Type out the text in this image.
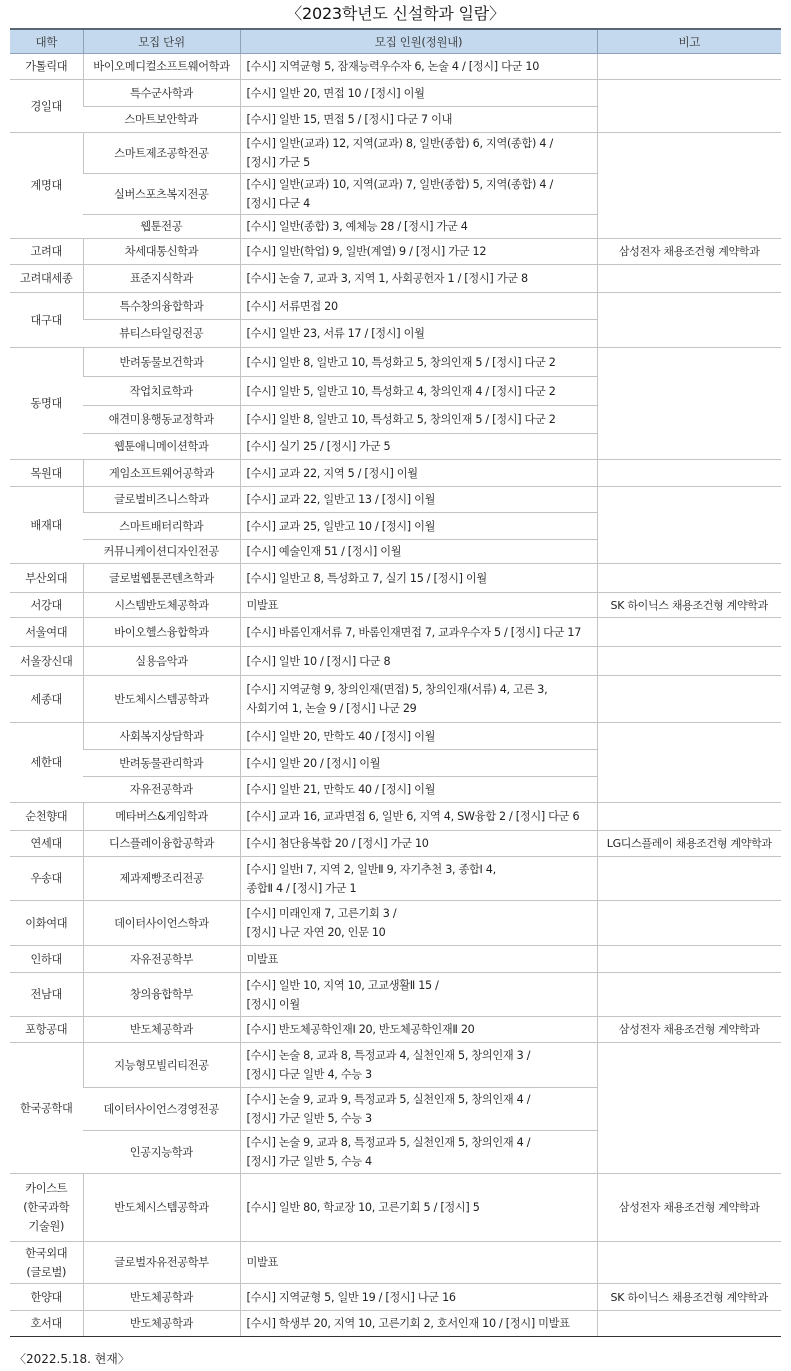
〈2023학년도 신설학과 일람〉
대학	모집 단위	모집 인원(정원내)	비고
가톨릭대	바이오메디컬소프트웨어학과	[수시] 지역균형 5, 잠재능력우수자 6, 논술 4 / [정시] 다군 10	
경일대	특수군사학과	[수시] 일반 20, 면접 10 / [정시] 이월	
	스마트보안학과	[수시] 일반 15, 면접 5 / [정시] 다군 7 이내	
계명대	스마트제조공학전공	[수시] 일반(교과) 12, 지역(교과) 8, 일반(종합) 6, 지역(종합) 4 /
[정시] 가군 5	
	실버스포츠복지전공	[수시] 일반(교과) 10, 지역(교과) 7, 일반(종합) 5, 지역(종합) 4 /
[정시] 다군 4	
	웹툰전공	[수시] 일반(종합) 3, 예체능 28 / [정시] 가군 4	
고려대	차세대통신학과	[수시] 일반(학업) 9, 일반(계열) 9 / [정시] 가군 12	삼성전자 채용조건형 계약학과
고려대세종	표준지식학과	[수시] 논술 7, 교과 3, 지역 1, 사회공헌자 1 / [정시] 가군 8	
대구대	특수창의융합학과	[수시] 서류면접 20	
	뷰티스타일링전공	[수시] 일반 23, 서류 17 / [정시] 이월	
동명대	반려동물보건학과	[수시] 일반 8, 일반고 10, 특성화고 5, 창의인재 5 / [정시] 다군 2	
	작업치료학과	[수시] 일반 5, 일반고 10, 특성화고 4, 창의인재 4 / [정시] 다군 2	
	애견미용행동교정학과	[수시] 일반 8, 일반고 10, 특성화고 5, 창의인재 5 / [정시] 다군 2	
	웹툰애니메이션학과	[수시] 실기 25 / [정시] 가군 5	
목원대	게임소프트웨어공학과	[수시] 교과 22, 지역 5 / [정시] 이월	
배재대	글로벌비즈니스학과	[수시] 교과 22, 일반고 13 / [정시] 이월	
	스마트배터리학과	[수시] 교과 25, 일반고 10 / [정시] 이월	
	커뮤니케이션디자인전공	[수시] 예술인재 51 / [정시] 이월	
부산외대	글로벌웹툰콘텐츠학과	[수시] 일반고 8, 특성화고 7, 실기 15 / [정시] 이월	
서강대	시스템반도체공학과	미발표	SK 하이닉스 채용조건형 계약학과
서울여대	바이오헬스융합학과	[수시] 바롬인재서류 7, 바롬인재면접 7, 교과우수자 5 / [정시] 다군 17	
서울장신대	실용음악과	[수시] 일반 10 / [정시] 다군 8	
세종대	반도체시스템공학과	[수시] 지역균형 9, 창의인재(면접) 5, 창의인재(서류) 4, 고른 3,
사회기여 1, 논술 9 / [정시] 나군 29	
세한대	사회복지상담학과	[수시] 일반 20, 만학도 40 / [정시] 이월	
	반려동물관리학과	[수시] 일반 20 / [정시] 이월	
	자유전공학과	[수시] 일반 21, 만학도 40 / [정시] 이월	
순천향대	메타버스&게임학과	[수시] 교과 16, 교과면접 6, 일반 6, 지역 4, SW융합 2 / [정시] 다군 6	
연세대	디스플레이융합공학과	[수시] 첨단융복합 20 / [정시] 가군 10	LG디스플레이 채용조건형 계약학과
우송대	제과제빵조리전공	[수시] 일반Ⅰ 7, 지역 2, 일반Ⅱ 9, 자기추천 3, 종합Ⅰ 4,
종합Ⅱ 4 / [정시] 가군 1	
이화여대	데이터사이언스학과	[수시] 미래인재 7, 고른기회 3 /
[정시] 나군 자연 20, 인문 10	
인하대	자유전공학부	미발표	
전남대	창의융합학부	[수시] 일반 10, 지역 10, 고교생활Ⅱ 15 /
[정시] 이월	
포항공대	반도체공학과	[수시] 반도체공학인재Ⅰ 20, 반도체공학인재Ⅱ 20	삼성전자 채용조건형 계약학과
한국공학대	지능형모빌리티전공	[수시] 논술 8, 교과 8, 특정교과 4, 실천인재 5, 창의인재 3 /
[정시] 다군 일반 4, 수능 3	
	데이터사이언스경영전공	[수시] 논술 9, 교과 9, 특정교과 5, 실천인재 5, 창의인재 4 /
[정시] 가군 일반 5, 수능 3	
	인공지능학과	[수시] 논술 9, 교과 8, 특정교과 5, 실천인재 5, 창의인재 4 /
[정시] 가군 일반 5, 수능 4	
카이스트
(한국과학
기술원)	반도체시스템공학과	[수시] 일반 80, 학교장 10, 고른기회 5 / [정시] 5	삼성전자 채용조건형 계약학과
한국외대
(글로벌)	글로벌자유전공학부	미발표	
한양대	반도체공학과	[수시] 지역균형 5, 일반 19 / [정시] 나군 16	SK 하이닉스 채용조건형 계약학과
호서대	반도체공학과	[수시] 학생부 20, 지역 10, 고른기회 2, 호서인재 10 / [정시] 미발표	
〈2022.5.18. 현재〉
